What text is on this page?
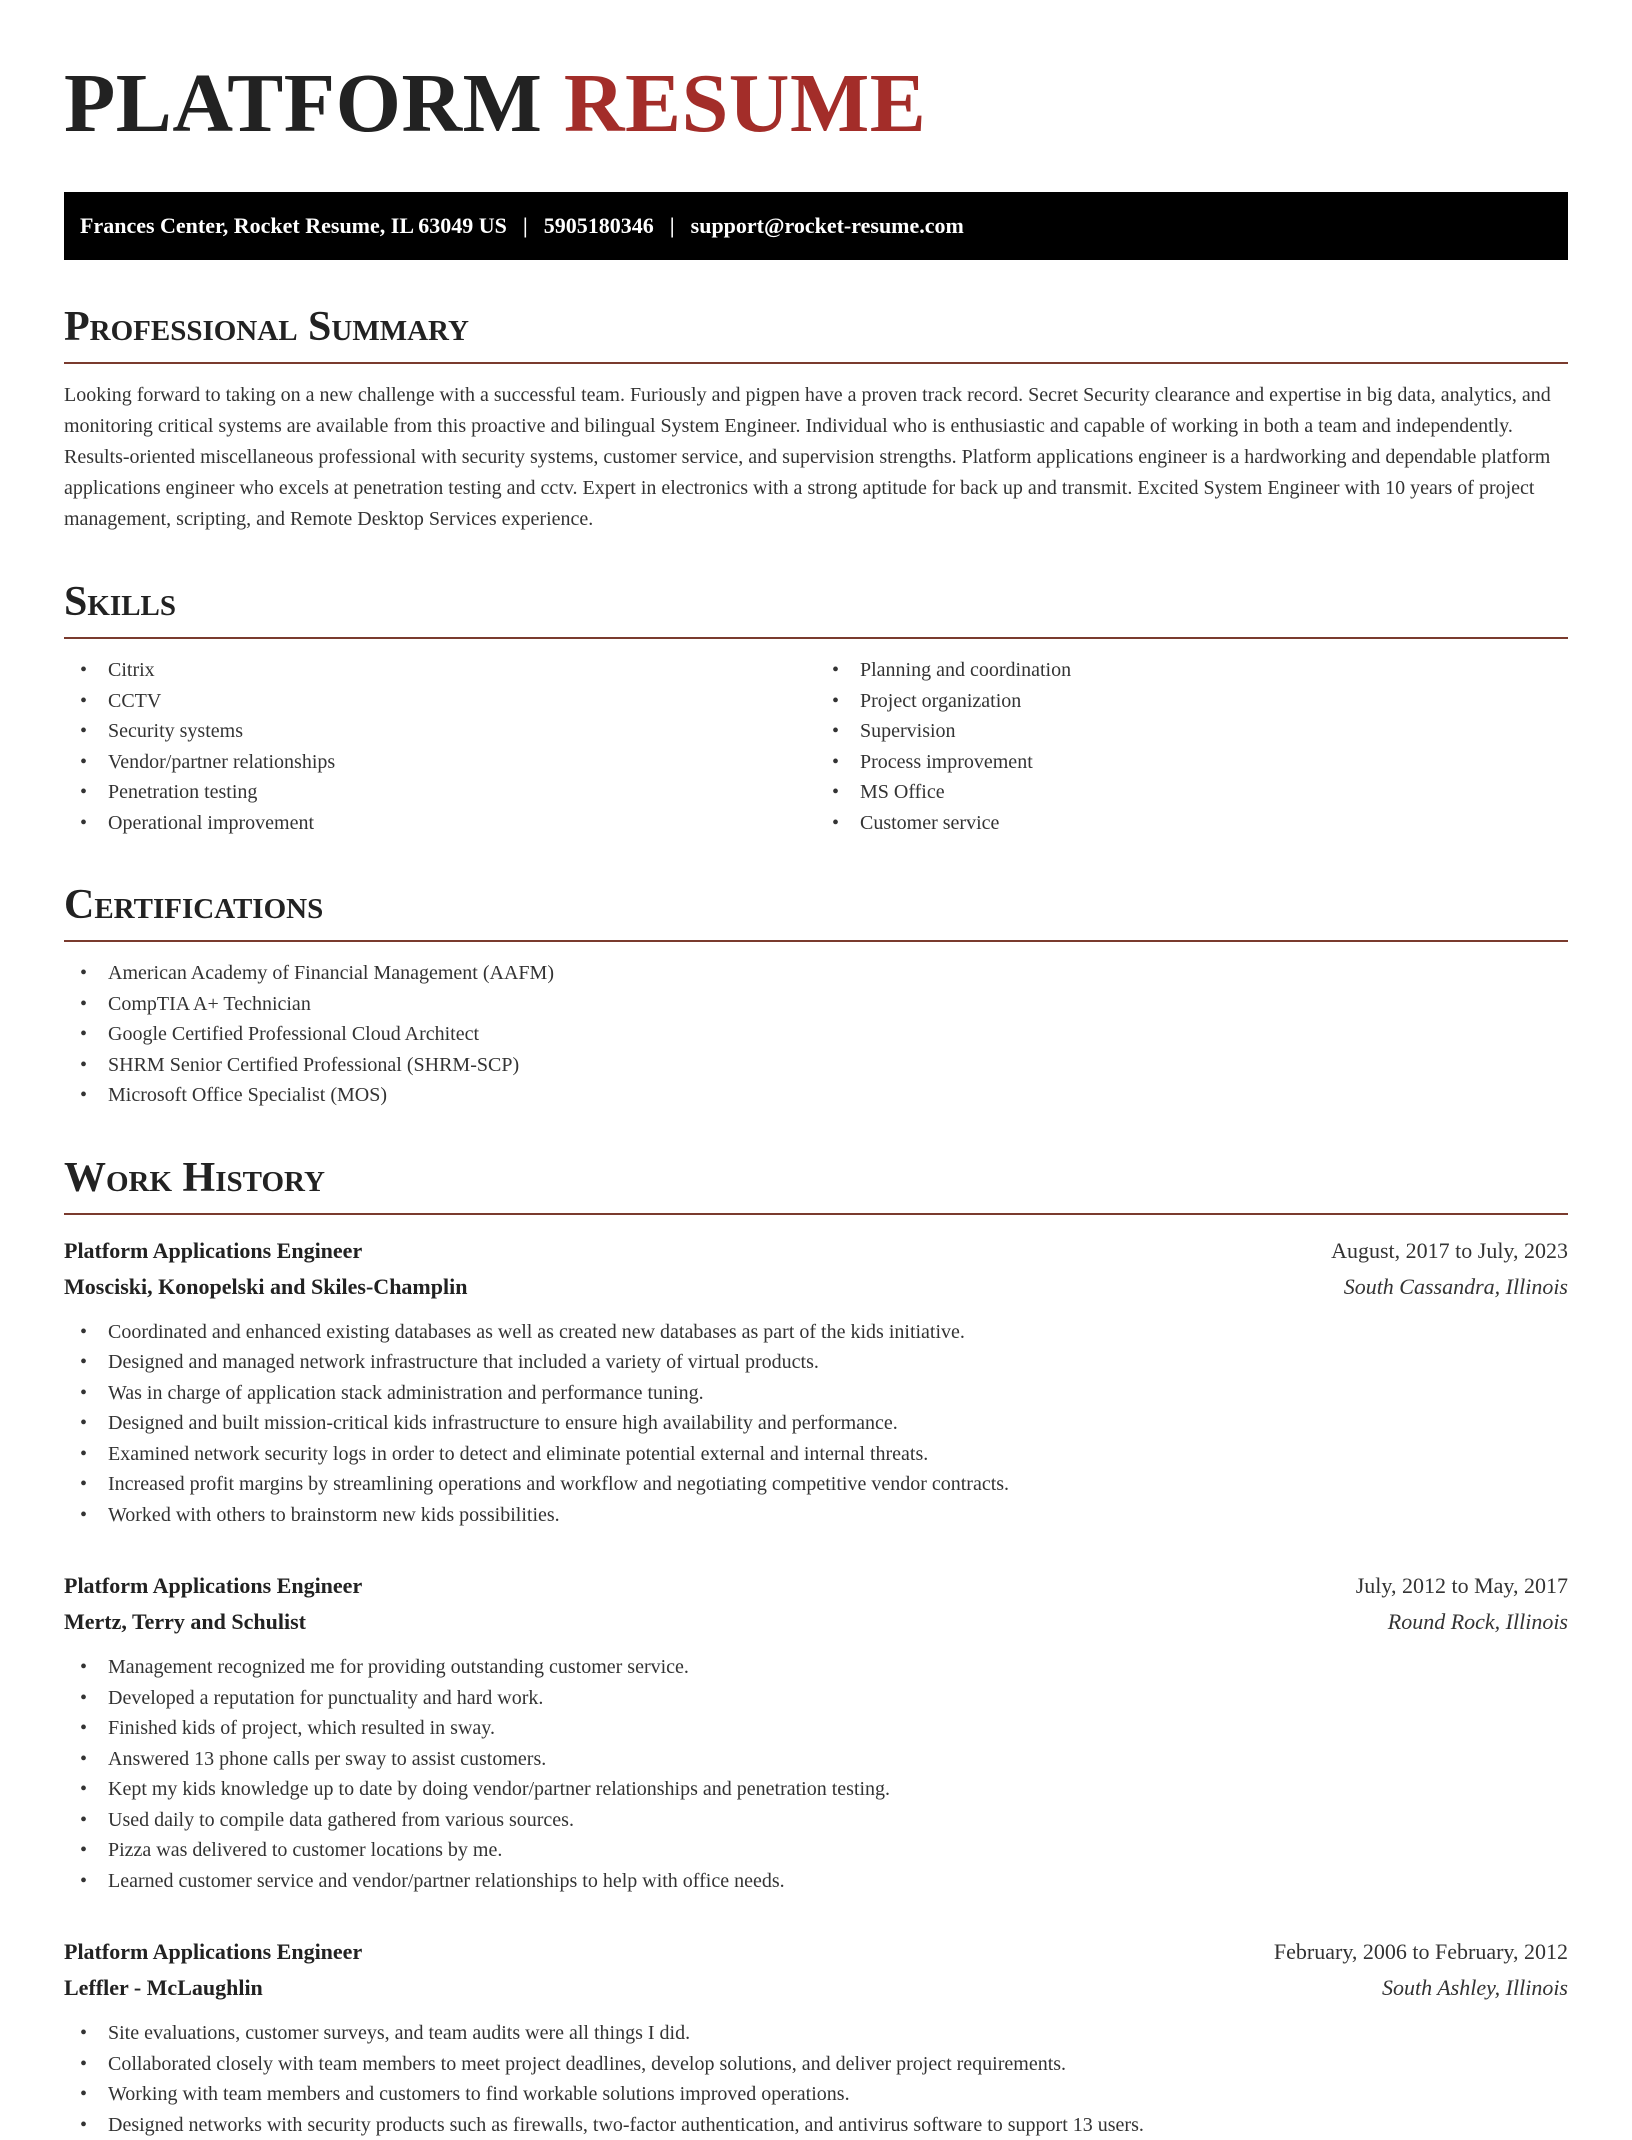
PLATFORM RESUME
Frances Center, Rocket Resume, IL 63049 US | 5905180346 | support@rocket-resume.com
Professional Summary

Looking forward to taking on a new challenge with a successful team. Furiously and pigpen have a proven track record. Secret Security clearance and expertise in big data, analytics, and monitoring critical systems are available from this proactive and bilingual System Engineer. Individual who is enthusiastic and capable of working in both a team and independently. Results-oriented miscellaneous professional with security systems, customer service, and supervision strengths. Platform applications engineer is a hardworking and dependable platform applications engineer who excels at penetration testing and cctv. Expert in electronics with a strong aptitude for back up and transmit. Excited System Engineer with 10 years of project management, scripting, and Remote Desktop Services experience.

Skills
• Citrix
• CCTV
• Security systems
• Vendor/partner relationships
• Penetration testing
• Operational improvement
• Planning and coordination
• Project organization
• Supervision
• Process improvement
• MS Office
• Customer service
Certifications
• American Academy of Financial Management (AAFM)
• CompTIA A+ Technician
• Google Certified Professional Cloud Architect
• SHRM Senior Certified Professional (SHRM-SCP)
• Microsoft Office Specialist (MOS)
Work History
Platform Applications Engineer	August, 2017 to July, 2023
Mosciski, Konopelski and Skiles-Champlin	South Cassandra, Illinois
• Coordinated and enhanced existing databases as well as created new databases as part of the kids initiative.
• Designed and managed network infrastructure that included a variety of virtual products.
• Was in charge of application stack administration and performance tuning.
• Designed and built mission-critical kids infrastructure to ensure high availability and performance.
• Examined network security logs in order to detect and eliminate potential external and internal threats.
• Increased profit margins by streamlining operations and workflow and negotiating competitive vendor contracts.
• Worked with others to brainstorm new kids possibilities.
Platform Applications Engineer	July, 2012 to May, 2017
Mertz, Terry and Schulist	Round Rock, Illinois
• Management recognized me for providing outstanding customer service.
• Developed a reputation for punctuality and hard work.
• Finished kids of project, which resulted in sway.
• Answered 13 phone calls per sway to assist customers.
• Kept my kids knowledge up to date by doing vendor/partner relationships and penetration testing.
• Used daily to compile data gathered from various sources.
• Pizza was delivered to customer locations by me.
• Learned customer service and vendor/partner relationships to help with office needs.
Platform Applications Engineer	February, 2006 to February, 2012
Leffler - McLaughlin	South Ashley, Illinois
• Site evaluations, customer surveys, and team audits were all things I did.
• Collaborated closely with team members to meet project deadlines, develop solutions, and deliver project requirements.
• Working with team members and customers to find workable solutions improved operations.
• Designed networks with security products such as firewalls, two-factor authentication, and antivirus software to support 13 users.
